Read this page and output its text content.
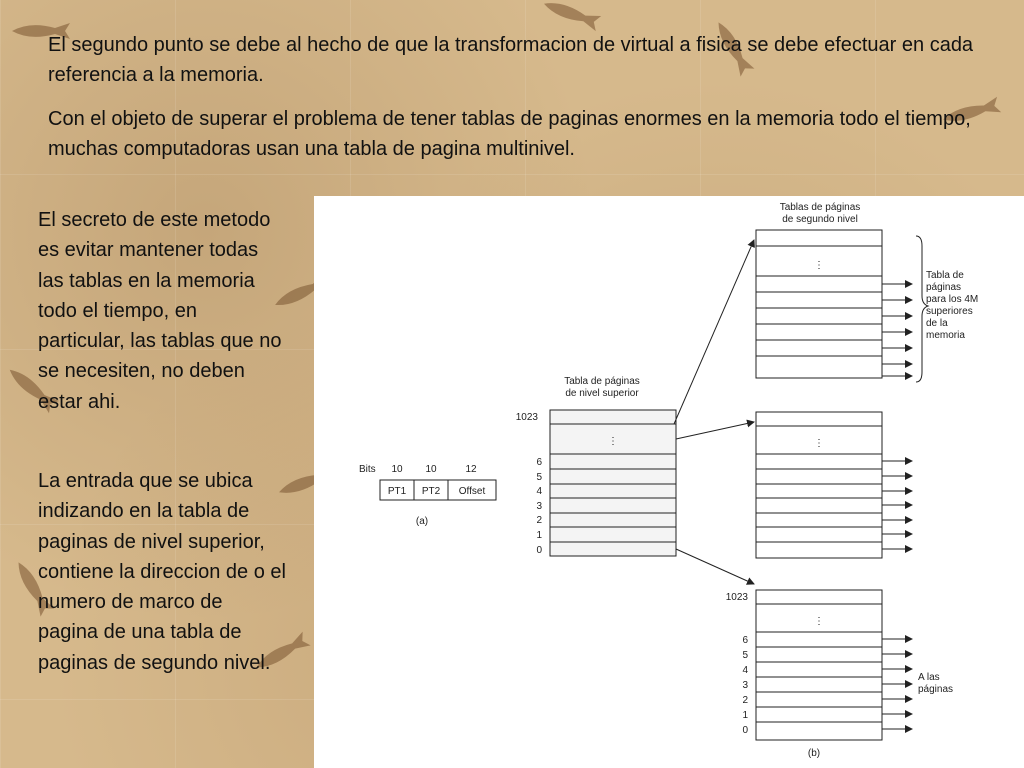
El segundo punto se debe al hecho de que la transformacion de virtual a fisica se debe efectuar en cada referencia a la memoria.

Con el objeto de superar el problema de tener tablas de paginas enormes en la memoria todo el tiempo, muchas computadoras usan una tabla de pagina multinivel.

El secreto de este metodo es evitar mantener todas las tablas en la memoria todo el tiempo, en particular, las tablas que no se necesiten, no deben estar ahi.

La entrada que se ubica indizando en la tabla de paginas de nivel superior, contiene la direccion de o el numero de marco de pagina de una tabla de paginas de segundo nivel.

Bits 10 10	12
PT1 PT2 Offset
(a)
Tabla de páginas
de nivel superior
1023
⋮
6
5
4
3
2
1
0
Tablas de páginas
de segundo nivel
⋮
Tabla de
páginas
para los 4M
superiores
de la
memoria
⋮
1023
⋮
6
5
4
3
2
1
0
A las
páginas
(b)
